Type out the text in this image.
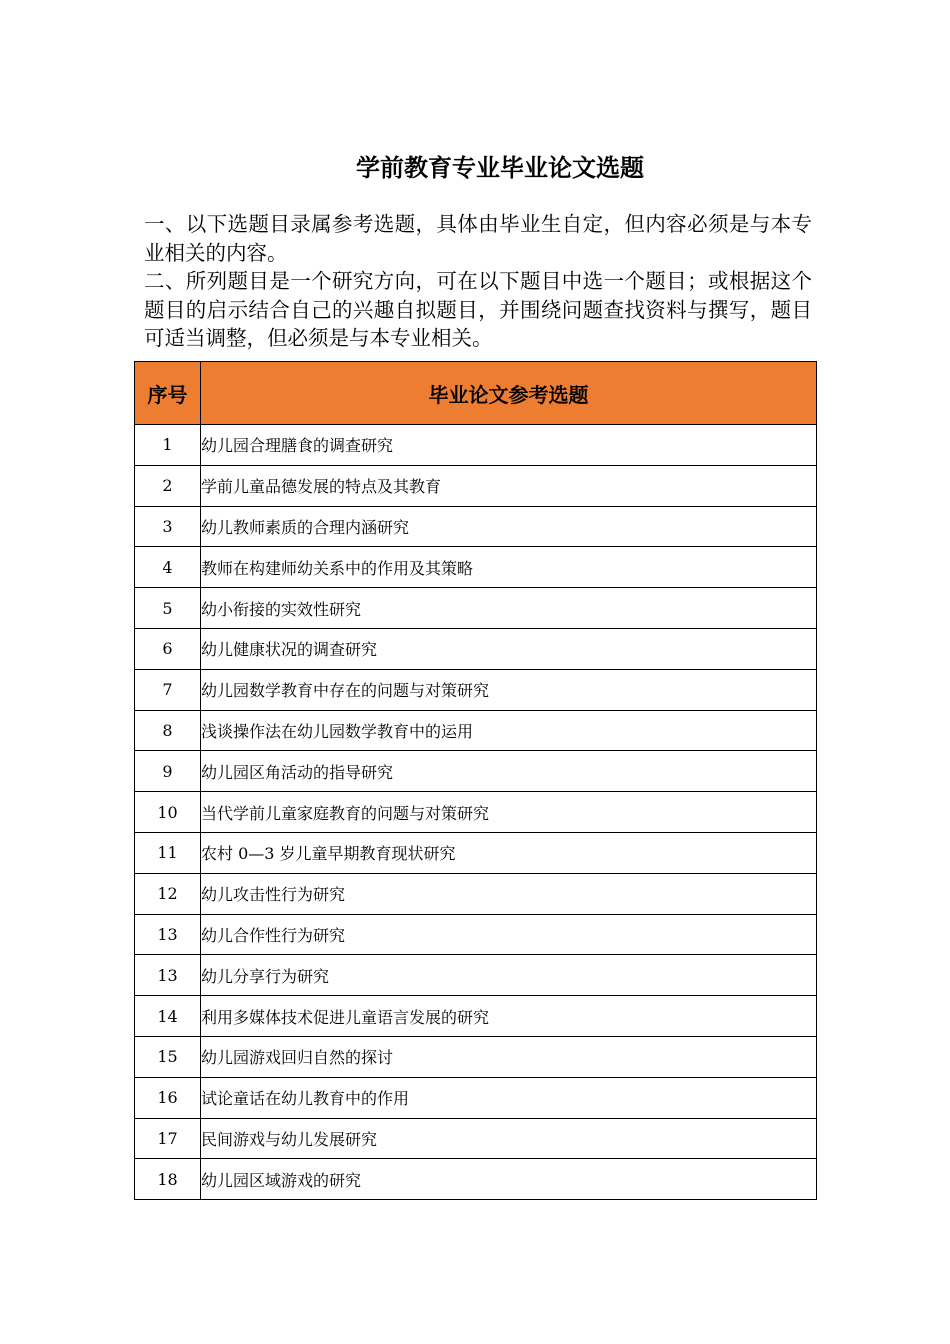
学前教育专业毕业论文选题

一、以下选题目录属参考选题，具体由毕业生自定，但内容必须是与本专业相关的内容。

二、所列题目是一个研究方向，可在以下题目中选一个题目；或根据这个题目的启示结合自己的兴趣自拟题目，并围绕问题查找资料与撰写，题目可适当调整，但必须是与本专业相关。

序号	毕业论文参考选题
1	幼儿园合理膳食的调查研究
2	学前儿童品德发展的特点及其教育
3	幼儿教师素质的合理内涵研究
4	教师在构建师幼关系中的作用及其策略
5	幼小衔接的实效性研究
6	幼儿健康状况的调查研究
7	幼儿园数学教育中存在的问题与对策研究
8	浅谈操作法在幼儿园数学教育中的运用
9	幼儿园区角活动的指导研究
10	当代学前儿童家庭教育的问题与对策研究
11	农村 0—3 岁儿童早期教育现状研究
12	幼儿攻击性行为研究
13	幼儿合作性行为研究
13	幼儿分享行为研究
14	利用多媒体技术促进儿童语言发展的研究
15	幼儿园游戏回归自然的探讨
16	试论童话在幼儿教育中的作用
17	民间游戏与幼儿发展研究
18	幼儿园区域游戏的研究
